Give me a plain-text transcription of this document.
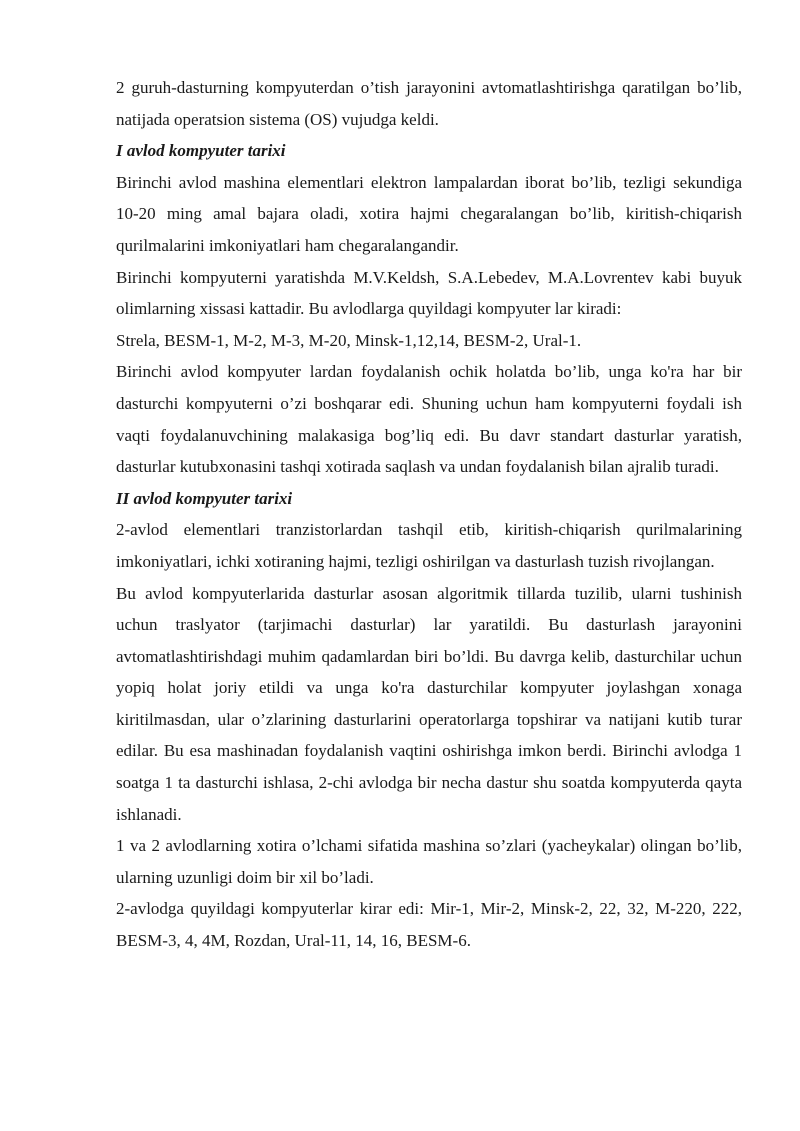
2 guruh-dasturning kompyuterdan o’tish jarayonini avtomatlashtirishga qaratilgan bo’lib, natijada operatsion sistema (OS) vujudga keldi.

I avlod kompyuter tarixi

Birinchi avlod mashina elementlari elektron lampalardan iborat bo’lib, tezligi sekundiga 10-20 ming amal bajara oladi, xotira hajmi chegaralangan bo’lib, kiritish-chiqarish qurilmalarini imkoniyatlari ham chegaralangandir.

Birinchi kompyuterni yaratishda M.V.Keldsh, S.A.Lebedev, M.A.Lovrentev kabi buyuk olimlarning xissasi kattadir. Bu avlodlarga quyildagi kompyuter lar kiradi:

Strela, BESM-1, M-2, M-3, M-20, Minsk-1,12,14, BESM-2, Ural-1.

Birinchi avlod kompyuter lardan foydalanish ochik holatda bo’lib, unga ko'ra har bir dasturchi kompyuterni o’zi boshqarar edi. Shuning uchun ham kompyuterni foydali ish vaqti foydalanuvchining malakasiga bog’liq edi. Bu davr standart dasturlar yaratish, dasturlar kutubxonasini tashqi xotirada saqlash va undan foydalanish bilan ajralib turadi.

II avlod kompyuter tarixi

2-avlod elementlari tranzistorlardan tashqil etib, kiritish-chiqarish qurilmalarining imkoniyatlari, ichki xotiraning hajmi, tezligi oshirilgan va dasturlash tuzish rivojlangan.

Bu avlod kompyuterlarida dasturlar asosan algoritmik tillarda tuzilib, ularni tushinish uchun traslyator (tarjimachi dasturlar) lar yaratildi. Bu dasturlash jarayonini avtomatlashtirishdagi muhim qadamlardan biri bo’ldi. Bu davrga kelib, dasturchilar uchun yopiq holat joriy etildi va unga ko'ra dasturchilar kompyuter joylashgan xonaga kiritilmasdan, ular o’zlarining dasturlarini operatorlarga topshirar va natijani kutib turar edilar. Bu esa mashinadan foydalanish vaqtini oshirishga imkon berdi. Birinchi avlodga 1 soatga 1 ta dasturchi ishlasa, 2-chi avlodga bir necha dastur shu soatda kompyuterda qayta ishlanadi.

1 va 2 avlodlarning xotira o’lchami sifatida mashina so’zlari (yacheykalar) olingan bo’lib, ularning uzunligi doim bir xil bo’ladi.

2-avlodga quyildagi kompyuterlar kirar edi: Mir-1, Mir-2, Minsk-2, 22, 32, M-220, 222, BESM-3, 4, 4M, Rozdan, Ural-11, 14, 16, BESM-6.
